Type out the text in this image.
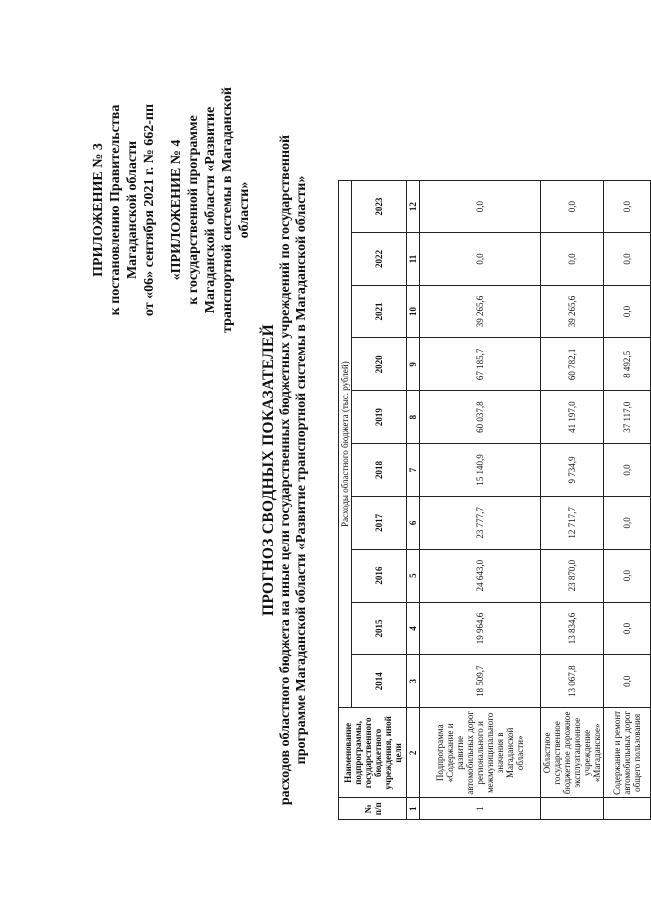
ПРИЛОЖЕНИЕ № 3 к постановлению Правительства Магаданской области от «06» сентября 2021 г. № 662-пп «ПРИЛОЖЕНИЕ № 4 к государственной программе Магаданской области «Развитие транспортной системы в Магаданской области»
ПРОГНОЗ СВОДНЫХ ПОКАЗАТЕЛЕЙ расходов областного бюджета на иные цели государственных бюджетных учреждений по государственной программе Магаданской области «Развитие транспортной системы в Магаданской области»
№ п/п	Наименование подпрограммы, государственного бюджетного учреждения, иной цели	Расходы областного бюджета (тыс. рублей)									
		2014	2015	2016	2017	2018	2019	2020	2021	2022	2023
1	2	3	4	5	6	7	8	9	10	11	12
1	Подпрограмма «Содержание и развитие автомобильных дорог регионального и межмуниципального значения в Магаданской области»	18 509,7	19 964,6	24 643,0	23 777,7	15 140,9	60 037,8	67 185,7	39 265,6	0,0	0,0
	Областное государственное бюджетное дорожное эксплуатационное учреждение «Магаданское»	13 067,8	13 834,6	23 870,0	12 717,7	9 734,9	41 197,0	60 782,1	39 265,6	0,0	0,0
	Содержание и ремонт автомобильных дорог общего пользования	0,0	0,0	0,0	0,0	0,0	37 117,0	8 492,5	0,0	0,0	0,0
